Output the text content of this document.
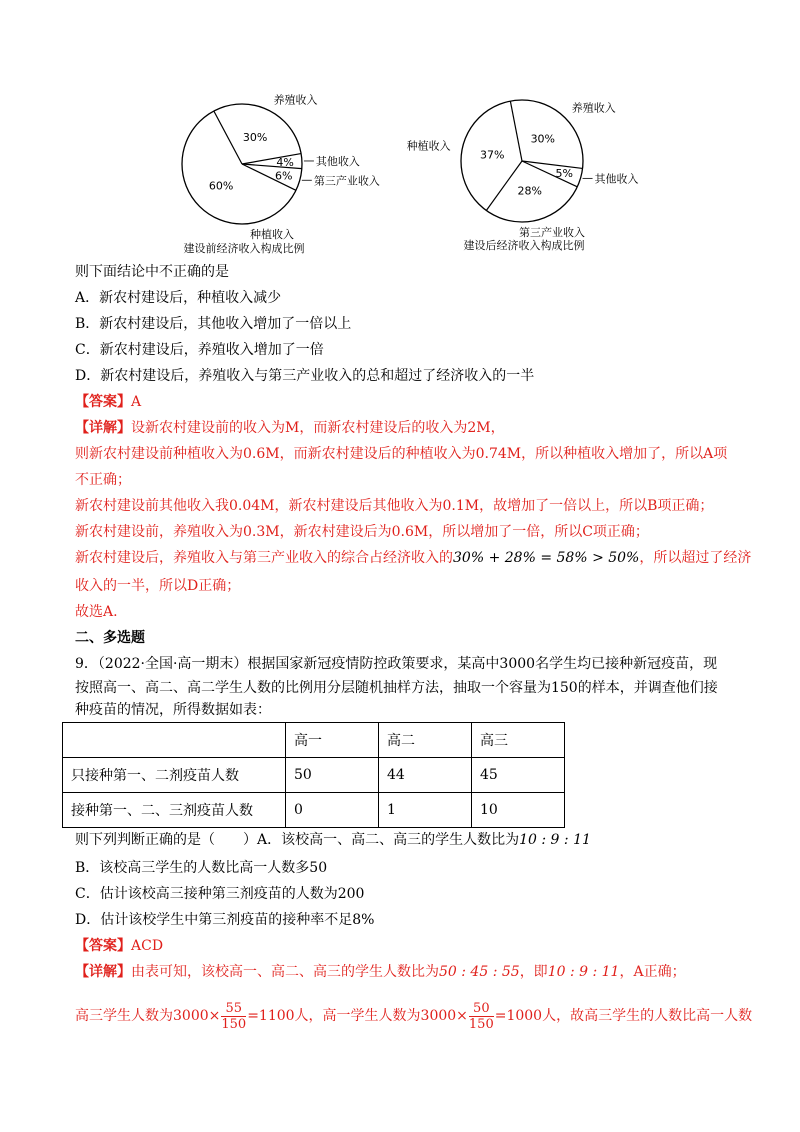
60%
种植收入
6% 第三产业收入
4% 其他收入
30%
养殖收入
建设前经济收入构成比例
37%
种植收入
28%
第三产业收入
5% 其他收入
30%
养殖收入
建设后经济收入构成比例
则下面结论中不正确的是
A．新农村建设后，种植收入减少
B．新农村建设后，其他收入增加了一倍以上
C．新农村建设后，养殖收入增加了一倍
D．新农村建设后，养殖收入与第三产业收入的总和超过了经济收入的一半
【答案】A
【详解】设新农村建设前的收入为M，而新农村建设后的收入为2M，
则新农村建设前种植收入为0.6M，而新农村建设后的种植收入为0.74M，所以种植收入增加了，所以A项
不正确；
新农村建设前其他收入我0.04M，新农村建设后其他收入为0.1M，故增加了一倍以上，所以B项正确；
新农村建设前，养殖收入为0.3M，新农村建设后为0.6M，所以增加了一倍，所以C项正确；
新农村建设后，养殖收入与第三产业收入的综合占经济收入的30% + 28% = 58% > 50%，所以超过了经济
收入的一半，所以D正确；
故选A.
二、多选题
9．（2022·全国·高一期末）根据国家新冠疫情防控政策要求，某高中3000名学生均已接种新冠疫苗，现
按照高一、高二、高二学生人数的比例用分层随机抽样方法，抽取一个容量为150的样本，并调查他们接
种疫苗的情况，所得数据如表：
	高一	高二	高三
只接种第一、二剂疫苗人数	50	44	45
接种第一、二、三剂疫苗人数	0	1	10
则下列判断正确的是（　　）A．该校高一、高二、高三的学生人数比为10 : 9 : 11
B．该校高三学生的人数比高一人数多50
C．估计该校高三接种第三剂疫苗的人数为200
D．估计该校学生中第三剂疫苗的接种率不足8%
【答案】ACD
【详解】由表可知，该校高一、高二、高三的学生人数比为50 : 45 : 55，即10 : 9 : 11，A正确；
高三学生人数为$3000\times \frac{55}{150} =1100$人，高一学生人数为$3000\times \frac{50}{150} =1000$人，故高三学生的人数比高一人数
